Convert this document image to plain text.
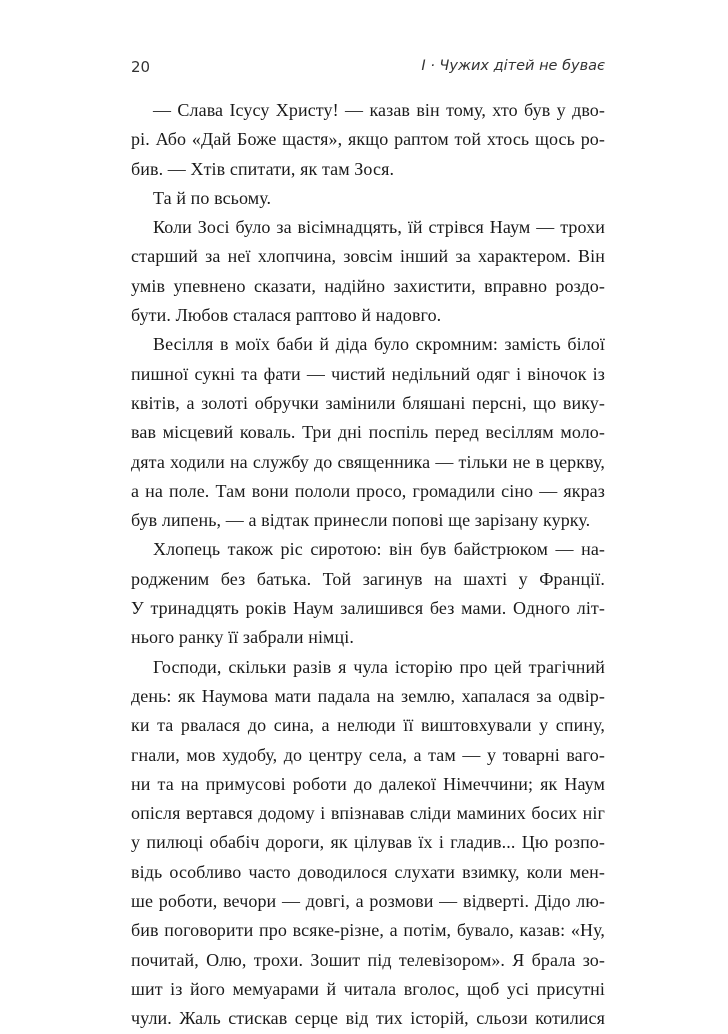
20	I · Чужих дітей не буває
— Слава Ісусу Христу! — казав він тому, хто був у дво-
рі. Або «Дай Боже щастя», якщо раптом той хтось щось ро-
бив. — Хтів спитати, як там Зося.
Та й по всьому.
Коли Зосі було за вісімнадцять, їй стрівся Наум — трохи
старший за неї хлопчина, зовсім інший за характером. Він
умів упевнено сказати, надійно захистити, вправно роздо-
бути. Любов сталася раптово й надовго.
Весілля в моїх баби й діда було скромним: замість білої
пишної сукні та фати — чистий недільний одяг і віночок із
квітів, а золоті обручки замінили бляшані персні, що вику-
вав місцевий коваль. Три дні поспіль перед весіллям моло-
дята ходили на службу до священника — тільки не в церкву,
а на поле. Там вони пололи просо, громадили сіно — якраз
був липень, — а відтак принесли попові ще зарізану курку.
Хлопець також ріс сиротою: він був байстрюком — на-
родженим без батька. Той загинув на шахті у Франції.
У тринадцять років Наум залишився без мами. Одного літ-
нього ранку її забрали німці.
Господи, скільки разів я чула історію про цей трагічний
день: як Наумова мати падала на землю, хапалася за одвір-
ки та рвалася до сина, а нелюди її виштовхували у спину,
гнали, мов худобу, до центру села, а там — у товарні ваго-
ни та на примусові роботи до далекої Німеччини; як Наум
опісля вертався додому і впізнавав сліди маминих босих ніг
у пилюці обабіч дороги, як цілував їх і гладив... Цю розпо-
відь особливо часто доводилося слухати взимку, коли мен-
ше роботи, вечори — довгі, а розмови — відверті. Дідо лю-
бив поговорити про всяке-різне, а потім, бувало, казав: «Ну,
почитай, Олю, трохи. Зошит під телевізором». Я брала зо-
шит із його мемуарами й читала вголос, щоб усі присутні
чули. Жаль стискав серце від тих історій, сльози котилися
